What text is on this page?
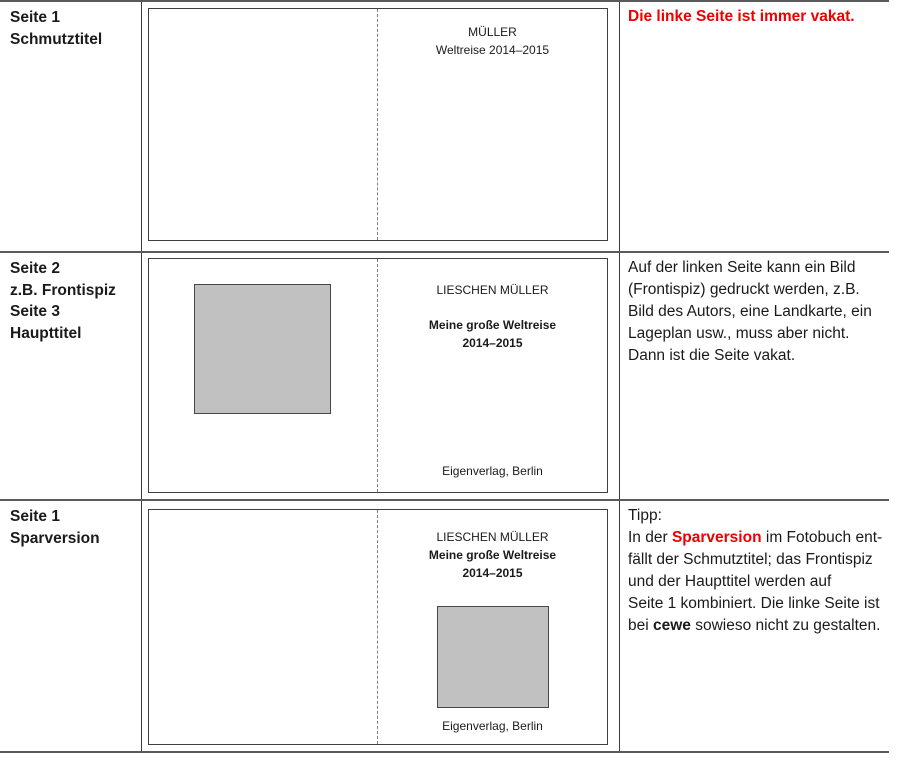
Seite 1
Schmutztitel	MÜLLER
Weltreise 2014–2015
Die linke Seite ist immer vakat.
Seite 2
z.B. Frontispiz
Seite 3
Haupttitel
LIESCHEN MÜLLER
Meine große Weltreise
2014–2015
Eigenverlag, Berlin
Auf der linken Seite kann ein Bild
(Frontispiz) gedruckt werden, z.B.
Bild des Autors, eine Landkarte, ein
Lageplan usw., muss aber nicht.
Dann ist die Seite vakat.
Seite 1
Sparversion	LIESCHEN MÜLLER
Meine große Weltreise
2014–2015
Eigenverlag, Berlin
Tipp:
In der Sparversion im Fotobuch ent-
fällt der Schmutztitel; das Frontispiz
und der Haupttitel werden auf
Seite 1 kombiniert. Die linke Seite ist
bei cewe sowieso nicht zu gestalten.
